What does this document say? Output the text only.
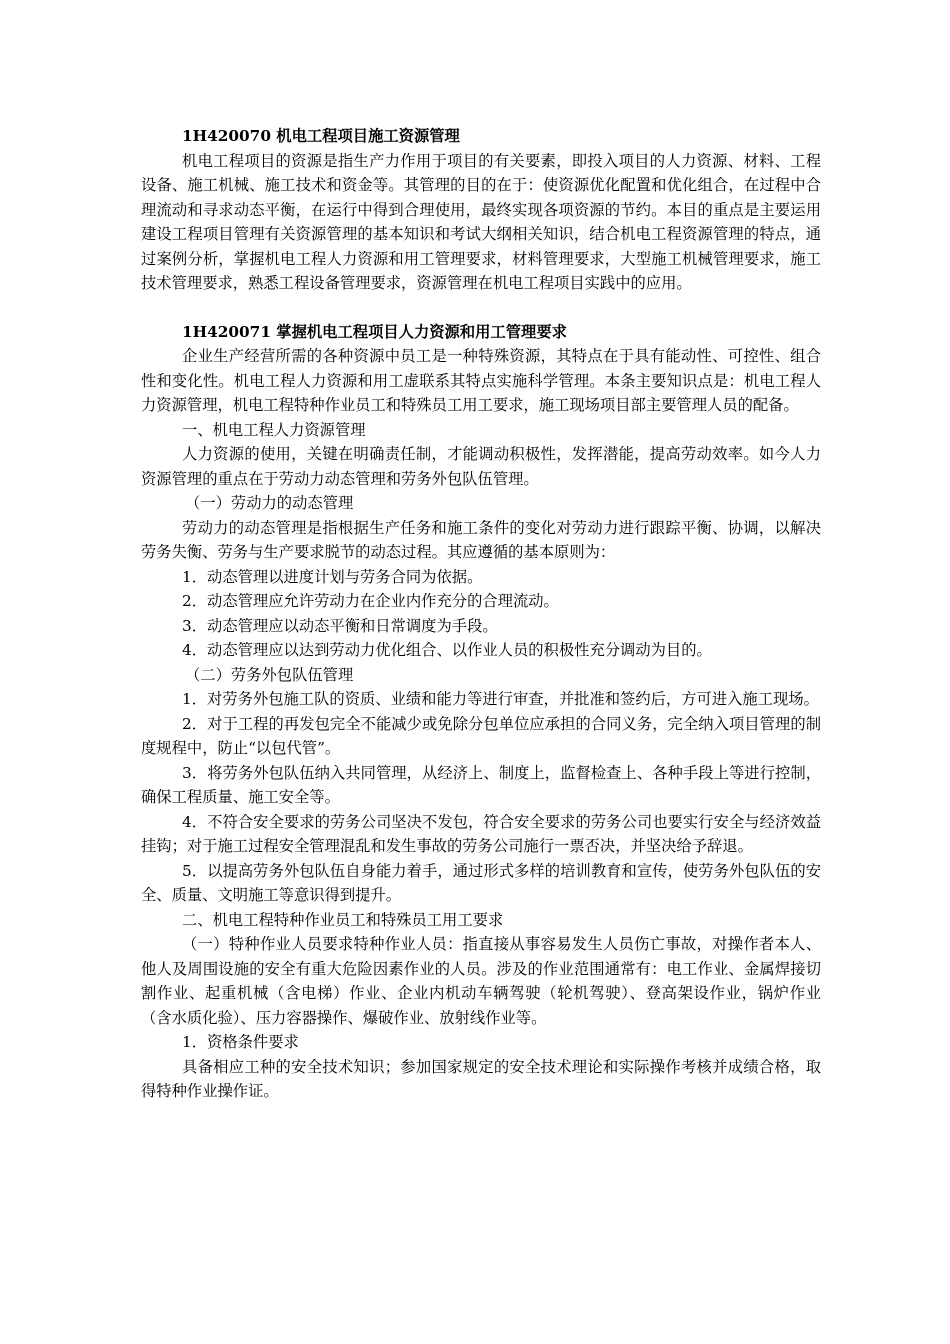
1H420070 机电工程项目施工资源管理

机电工程项目的资源是指生产力作用于项目的有关要素，即投入项目的人力资源、材料、工程设备、施工机械、施工技术和资金等。其管理的目的在于：使资源优化配置和优化组合，在过程中合理流动和寻求动态平衡，在运行中得到合理使用，最终实现各项资源的节约。本目的重点是主要运用建设工程项目管理有关资源管理的基本知识和考试大纲相关知识，结合机电工程资源管理的特点，通过案例分析，掌握机电工程人力资源和用工管理要求，材料管理要求，大型施工机械管理要求，施工技术管理要求，熟悉工程设备管理要求，资源管理在机电工程项目实践中的应用。

1H420071 掌握机电工程项目人力资源和用工管理要求

企业生产经营所需的各种资源中员工是一种特殊资源，其特点在于具有能动性、可控性、组合性和变化性。机电工程人力资源和用工虚联系其特点实施科学管理。本条主要知识点是：机电工程人力资源管理，机电工程特种作业员工和特殊员工用工要求，施工现场项目部主要管理人员的配备。

一、机电工程人力资源管理

人力资源的使用，关键在明确责任制，才能调动积极性，发挥潜能，提高劳动效率。如今人力资源管理的重点在于劳动力动态管理和劳务外包队伍管理。

（一）劳动力的动态管理

劳动力的动态管理是指根据生产任务和施工条件的变化对劳动力进行跟踪平衡、协调，以解决劳务失衡、劳务与生产要求脱节的动态过程。其应遵循的基本原则为：

1．动态管理以进度计划与劳务合同为依据。

2．动态管理应允许劳动力在企业内作充分的合理流动。

3．动态管理应以动态平衡和日常调度为手段。

4．动态管理应以达到劳动力优化组合、以作业人员的积极性充分调动为目的。

（二）劳务外包队伍管理

1．对劳务外包施工队的资质、业绩和能力等进行审查，并批准和签约后，方可进入施工现场。

2．对于工程的再发包完全不能减少或免除分包单位应承担的合同义务，完全纳入项目管理的制度规程中，防止“以包代管”。

3．将劳务外包队伍纳入共同管理，从经济上、制度上，监督检查上、各种手段上等进行控制，确保工程质量、施工安全等。

4．不符合安全要求的劳务公司坚决不发包，符合安全要求的劳务公司也要实行安全与经济效益挂钩；对于施工过程安全管理混乱和发生事故的劳务公司施行一票否决，并坚决给予辞退。

5．以提高劳务外包队伍自身能力着手，通过形式多样的培训教育和宣传，使劳务外包队伍的安全、质量、文明施工等意识得到提升。

二、机电工程特种作业员工和特殊员工用工要求

（一）特种作业人员要求特种作业人员：指直接从事容易发生人员伤亡事故，对操作者本人、他人及周围设施的安全有重大危险因素作业的人员。涉及的作业范围通常有：电工作业、金属焊接切割作业、起重机械（含电梯）作业、企业内机动车辆驾驶（轮机驾驶）、登高架设作业，锅炉作业（含水质化验）、压力容器操作、爆破作业、放射线作业等。

1．资格条件要求

具备相应工种的安全技术知识；参加国家规定的安全技术理论和实际操作考核并成绩合格，取得特种作业操作证。
